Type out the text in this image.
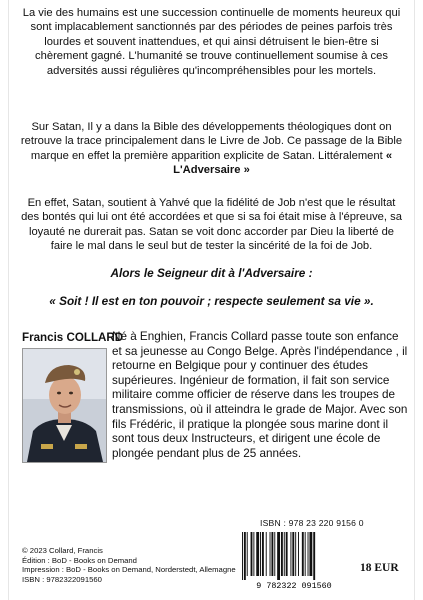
La vie des humains est une succession continuelle de moments heureux qui sont implacablement sanctionnés par des périodes de peines parfois très lourdes et souvent inattendues, et qui ainsi détruisent le bien-être si chèrement gagné. L'humanité se trouve continuellement soumise à ces adversités aussi régulières qu'incompréhensibles pour les mortels.
Sur Satan, Il y a dans la Bible des développements théologiques dont on retrouve la trace principalement dans le Livre de Job. Ce passage de la Bible marque en effet la première apparition explicite de Satan. Littéralement « L'Adversaire »
En effet, Satan, soutient à Yahvé que la fidélité de Job n'est que le résultat des bontés qui lui ont été accordées et que si sa foi était mise à l'épreuve, sa loyauté ne durerait pas. Satan se voit donc accorder par Dieu la liberté de faire le mal dans le seul but de tester la sincérité de la foi de Job.
Alors le Seigneur dit à l'Adversaire :
« Soit ! Il est en ton pouvoir ; respecte seulement sa vie ».
Francis COLLARD
Né à Enghien, Francis Collard passe toute son enfance et sa jeunesse au Congo Belge. Après l'indépendance , il retourne en Belgique pour y continuer des études supérieures. Ingénieur de formation, il fait son service militaire comme officier de réserve dans les troupes de transmissions, où il atteindra le grade de Major. Avec son fils Frédéric, il pratique la plongée sous marine dont il sont tous deux Instructeurs, et dirigent une école de plongée pendant plus de 25 années.
ISBN : 978 23 220 9156 0
9 782322 091560
18 EUR
© 2023 Collard, Francis
Édition : BoD - Books on Demand
Impression : BoD - Books on Demand, Norderstedt, Allemagne
ISBN : 9782322091560
